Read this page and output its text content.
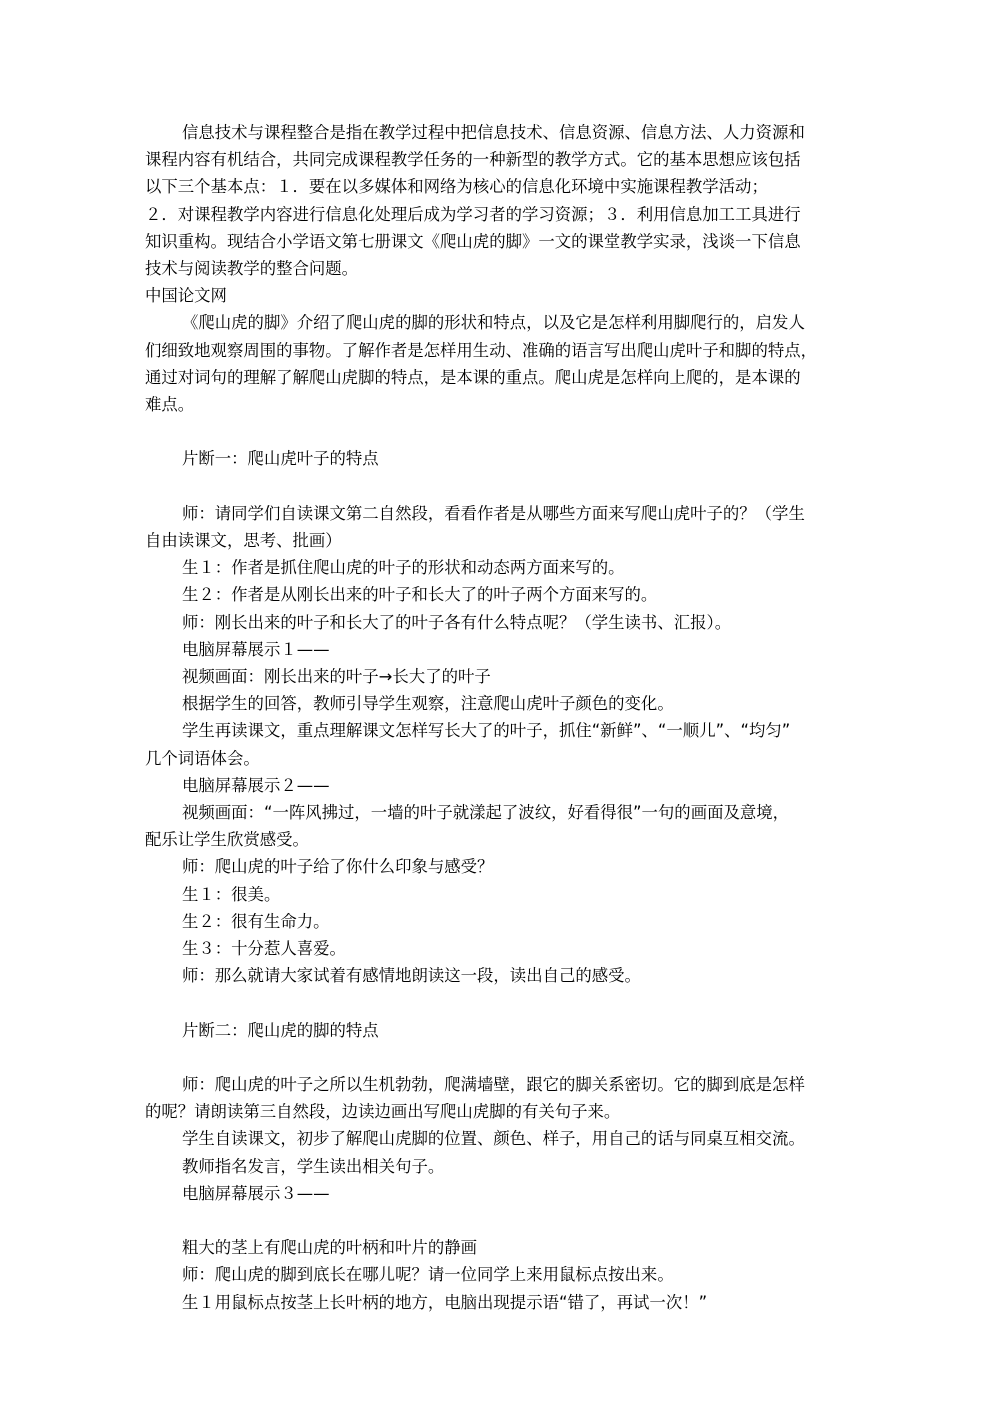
信息技术与课程整合是指在教学过程中把信息技术、信息资源、信息方法、人力资源和

课程内容有机结合，共同完成课程教学任务的一种新型的教学方式。它的基本思想应该包括

以下三个基本点：１．要在以多媒体和网络为核心的信息化环境中实施课程教学活动；

２．对课程教学内容进行信息化处理后成为学习者的学习资源；３．利用信息加工工具进行

知识重构。现结合小学语文第七册课文《爬山虎的脚》一文的课堂教学实录，浅谈一下信息

技术与阅读教学的整合问题。

中国论文网

《爬山虎的脚》介绍了爬山虎的脚的形状和特点，以及它是怎样利用脚爬行的，启发人

们细致地观察周围的事物。了解作者是怎样用生动、准确的语言写出爬山虎叶子和脚的特点，

通过对词句的理解了解爬山虎脚的特点，是本课的重点。爬山虎是怎样向上爬的，是本课的

难点。

片断一：爬山虎叶子的特点

师：请同学们自读课文第二自然段，看看作者是从哪些方面来写爬山虎叶子的？（学生

自由读课文，思考、批画）

生１：作者是抓住爬山虎的叶子的形状和动态两方面来写的。

生２：作者是从刚长出来的叶子和长大了的叶子两个方面来写的。

师：刚长出来的叶子和长大了的叶子各有什么特点呢？（学生读书、汇报）。

电脑屏幕展示１——

视频画面：刚长出来的叶子→长大了的叶子

根据学生的回答，教师引导学生观察，注意爬山虎叶子颜色的变化。

学生再读课文，重点理解课文怎样写长大了的叶子，抓住“新鲜”、“一顺儿”、“均匀”

几个词语体会。

电脑屏幕展示２——

视频画面：“一阵风拂过，一墙的叶子就漾起了波纹，好看得很”一句的画面及意境，

配乐让学生欣赏感受。

师：爬山虎的叶子给了你什么印象与感受？

生１：很美。

生２：很有生命力。

生３：十分惹人喜爱。

师：那么就请大家试着有感情地朗读这一段，读出自己的感受。

片断二：爬山虎的脚的特点

师：爬山虎的叶子之所以生机勃勃，爬满墙壁，跟它的脚关系密切。它的脚到底是怎样

的呢？请朗读第三自然段，边读边画出写爬山虎脚的有关句子来。

学生自读课文，初步了解爬山虎脚的位置、颜色、样子，用自己的话与同桌互相交流。

教师指名发言，学生读出相关句子。

电脑屏幕展示３——

粗大的茎上有爬山虎的叶柄和叶片的静画

师：爬山虎的脚到底长在哪儿呢？请一位同学上来用鼠标点按出来。

生１用鼠标点按茎上长叶柄的地方，电脑出现提示语“错了，再试一次！”
